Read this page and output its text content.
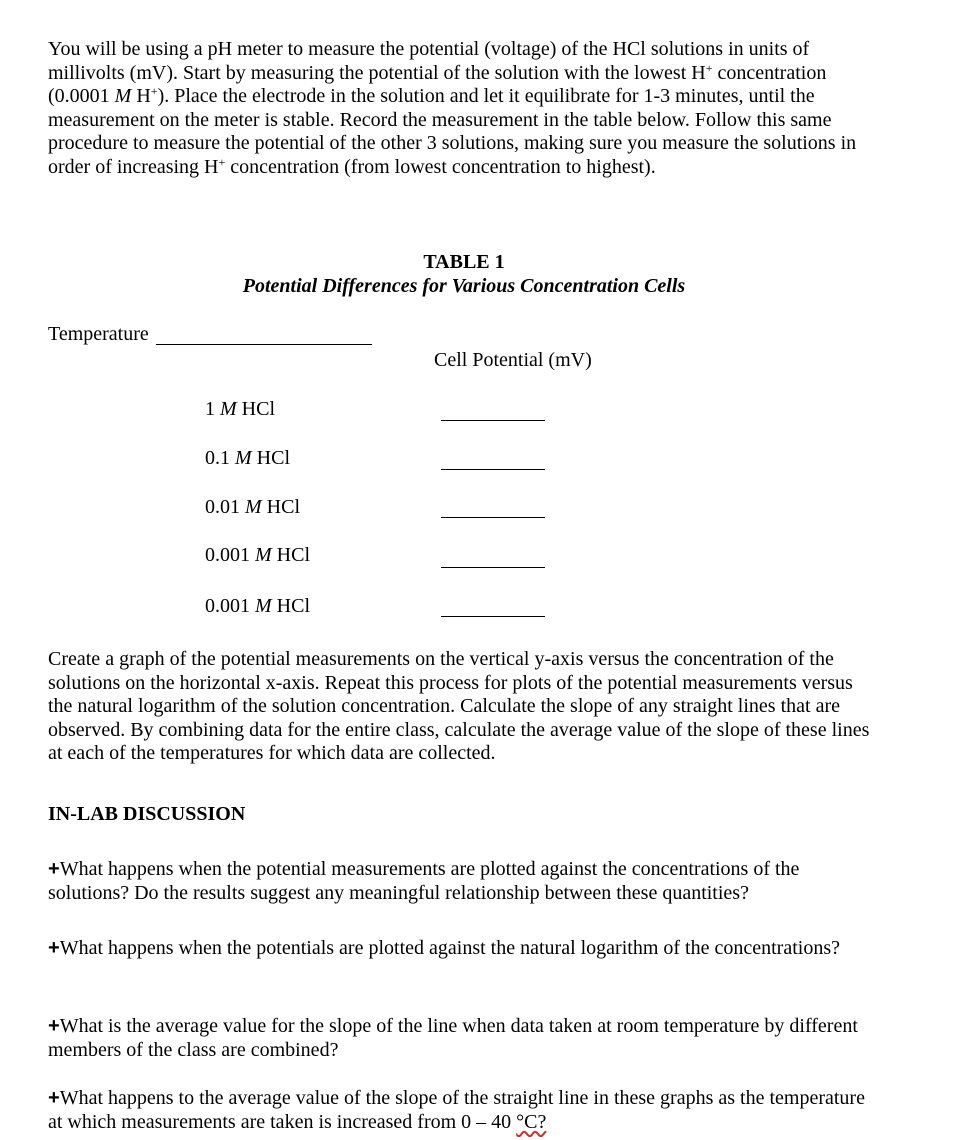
You will be using a pH meter to measure the potential (voltage) of the HCl solutions in units of millivolts (mV). Start by measuring the potential of the solution with the lowest H+ concentration (0.0001 M H+). Place the electrode in the solution and let it equilibrate for 1-3 minutes, until the measurement on the meter is stable. Record the measurement in the table below. Follow this same procedure to measure the potential of the other 3 solutions, making sure you measure the solutions in order of increasing H+ concentration (from lowest concentration to highest).

TABLE 1
Potential Differences for Various Concentration Cells
Temperature
Cell Potential (mV)
1 M HCl
0.1 M HCl
0.01 M HCl
0.001 M HCl
0.001 M HCl
Create a graph of the potential measurements on the vertical y-axis versus the concentration of the solutions on the horizontal x-axis. Repeat this process for plots of the potential measurements versus the natural logarithm of the solution concentration. Calculate the slope of any straight lines that are observed. By combining data for the entire class, calculate the average value of the slope of these lines at each of the temperatures for which data are collected.
IN-LAB DISCUSSION
+What happens when the potential measurements are plotted against the concentrations of the solutions? Do the results suggest any meaningful relationship between these quantities?
+What happens when the potentials are plotted against the natural logarithm of the concentrations?
+What is the average value for the slope of the line when data taken at room temperature by different members of the class are combined?
+What happens to the average value of the slope of the straight line in these graphs as the temperature at which measurements are taken is increased from 0 – 40 °C?
